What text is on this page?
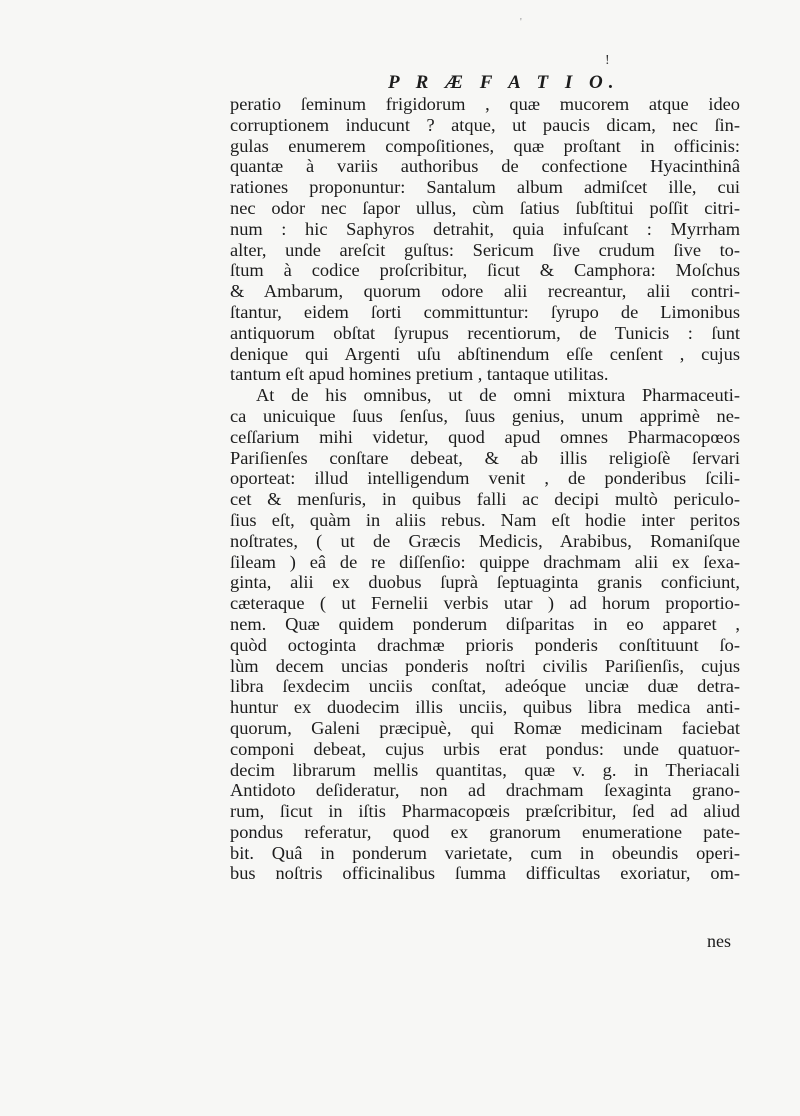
'
!
P R Æ F A T I O.
peratio ſeminum frigidorum , quæ mucorem atque ideo
corruptionem inducunt ? atque, ut paucis dicam, nec ſin-
gulas enumerem compoſitiones, quæ proſtant in officinis:
quantæ à variis authoribus de confectione Hyacinthinâ
rationes proponuntur: Santalum album admiſcet ille, cui
nec odor nec ſapor ullus, cùm ſatius ſubſtitui poſſit citri-
num : hic Saphyros detrahit, quia infuſcant : Myrrham
alter, unde areſcit guſtus: Sericum ſive crudum ſive to-
ſtum à codice proſcribitur, ſicut & Camphora: Moſchus
& Ambarum, quorum odore alii recreantur, alii contri-
ſtantur, eidem ſorti committuntur: ſyrupo de Limonibus
antiquorum obſtat ſyrupus recentiorum, de Tunicis : ſunt
denique qui Argenti uſu abſtinendum eſſe cenſent , cujus
tantum eſt apud homines pretium , tantaque utilitas.
At de his omnibus, ut de omni mixtura Pharmaceuti-
ca unicuique ſuus ſenſus, ſuus genius, unum apprimè ne-
ceſſarium mihi videtur, quod apud omnes Pharmacopœos
Pariſienſes conſtare debeat, & ab illis religioſè ſervari
oporteat: illud intelligendum venit , de ponderibus ſcili-
cet & menſuris, in quibus falli ac decipi multò periculo-
ſius eſt, quàm in aliis rebus. Nam eſt hodie inter peritos
noſtrates, ( ut de Græcis Medicis, Arabibus, Romaniſque
ſileam ) eâ de re diſſenſio: quippe drachmam alii ex ſexa-
ginta, alii ex duobus ſuprà ſeptuaginta granis conficiunt,
cæteraque ( ut Fernelii verbis utar ) ad horum proportio-
nem. Quæ quidem ponderum diſparitas in eo apparet ,
quòd octoginta drachmæ prioris ponderis conſtituunt ſo-
lùm decem uncias ponderis noſtri civilis Pariſienſis, cujus
libra ſexdecim unciis conſtat, adeóque unciæ duæ detra-
huntur ex duodecim illis unciis, quibus libra medica anti-
quorum, Galeni præcipuè, qui Romæ medicinam faciebat
componi debeat, cujus urbis erat pondus: unde quatuor-
decim librarum mellis quantitas, quæ v. g. in Theriacali
Antidoto deſideratur, non ad drachmam ſexaginta grano-
rum, ſicut in iſtis Pharmacopœis præſcribitur, ſed ad aliud
pondus referatur, quod ex granorum enumeratione pate-
bit. Quâ in ponderum varietate, cum in obeundis operi-
bus noſtris officinalibus ſumma difficultas exoriatur, om-
nes
